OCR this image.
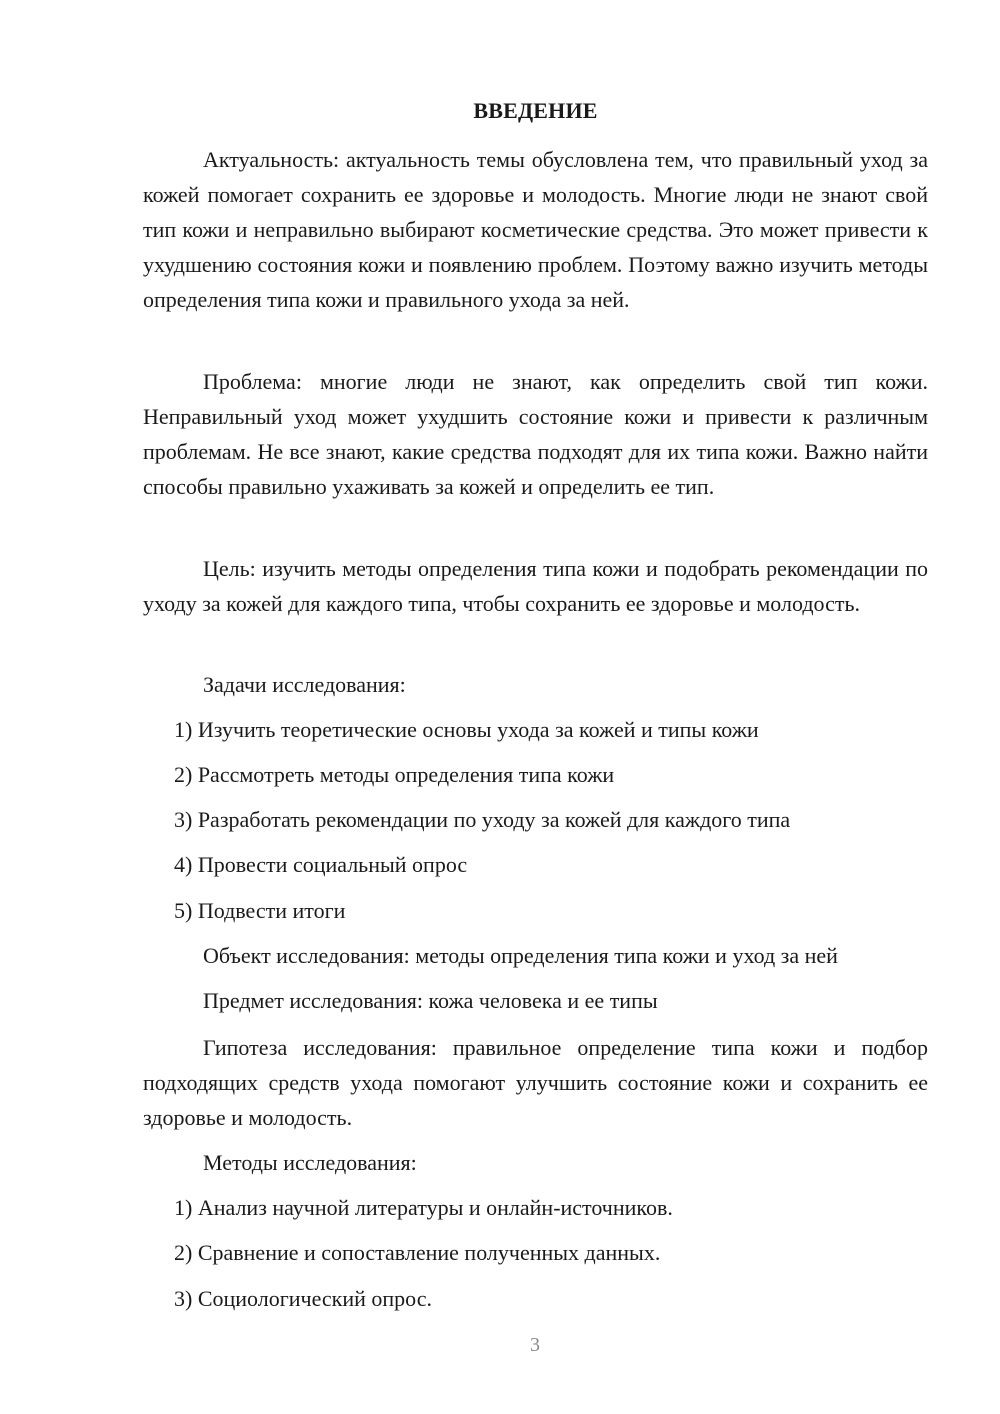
ВВЕДЕНИЕ

Актуальность: актуальность темы обусловлена тем, что правильный уход за кожей помогает сохранить ее здоровье и молодость. Многие люди не знают свой тип кожи и неправильно выбирают косметические средства. Это может привести к ухудшению состояния кожи и появлению проблем. Поэтому важно изучить методы определения типа кожи и правильного ухода за ней.

Проблема: многие люди не знают, как определить свой тип кожи. Неправильный уход может ухудшить состояние кожи и привести к различным проблемам. Не все знают, какие средства подходят для их типа кожи. Важно найти способы правильно ухаживать за кожей и определить ее тип.

Цель: изучить методы определения типа кожи и подобрать рекомендации по уходу за кожей для каждого типа, чтобы сохранить ее здоровье и молодость.

Задачи исследования:
1) Изучить теоретические основы ухода за кожей и типы кожи
2) Рассмотреть методы определения типа кожи
3) Разработать рекомендации по уходу за кожей для каждого типа
4) Провести социальный опрос
5) Подвести итоги
Объект исследования: методы определения типа кожи и уход за ней
Предмет исследования: кожа человека и ее типы

Гипотеза исследования: правильное определение типа кожи и подбор подходящих средств ухода помогают улучшить состояние кожи и сохранить ее здоровье и молодость.

Методы исследования:
1) Анализ научной литературы и онлайн-источников.
2) Сравнение и сопоставление полученных данных.
3) Социологический опрос.
3
